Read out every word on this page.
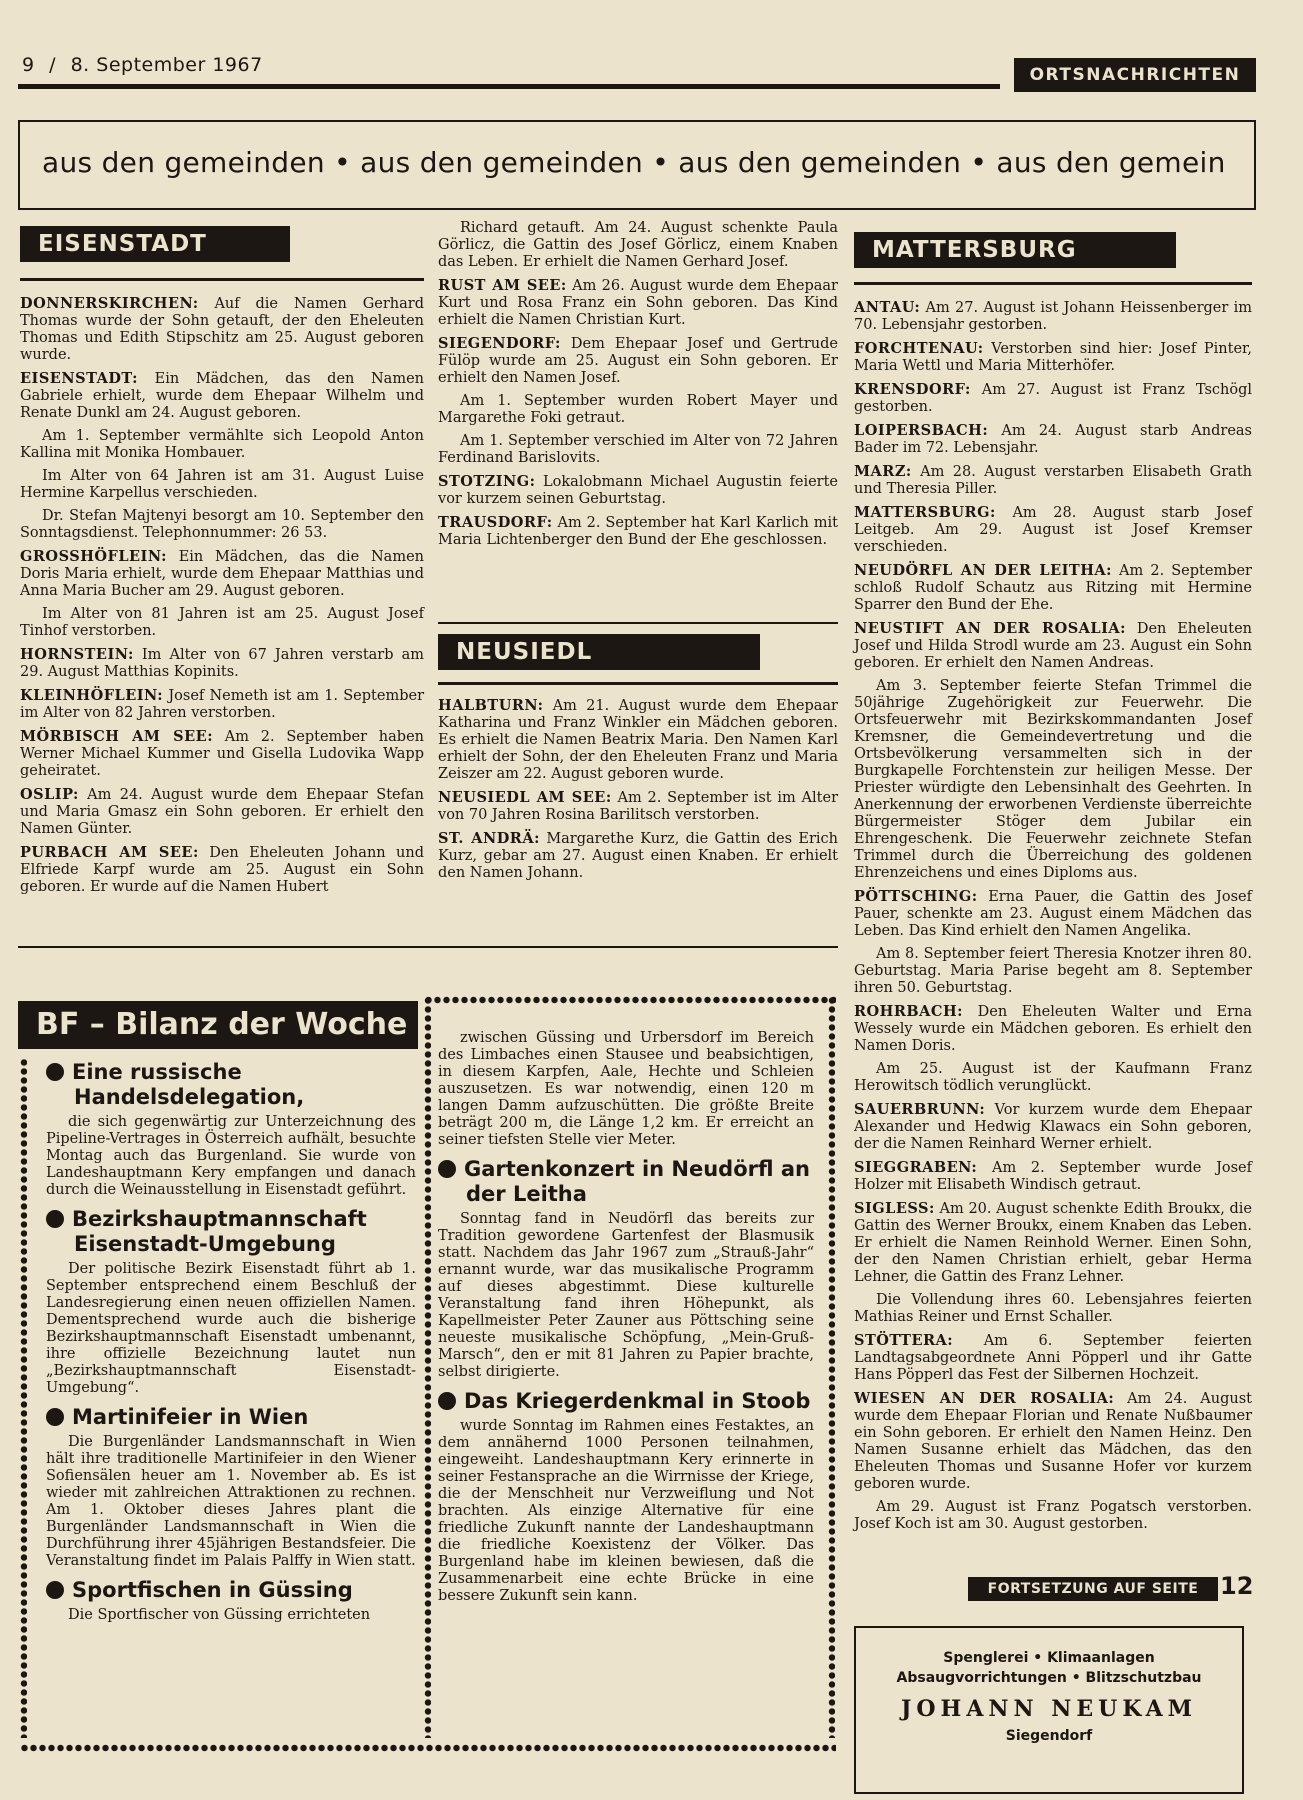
9 / 8. September 1967	ORTSNACHRICHTEN
aus den gemeinden • aus den gemeinden • aus den gemeinden • aus den gemein
EISENSTADT

DONNERSKIRCHEN: Auf die Namen Gerhard Thomas wurde der Sohn getauft, der den Eheleuten Thomas und Edith Stipschitz am 25. August geboren wurde.

EISENSTADT: Ein Mädchen, das den Namen Gabriele erhielt, wurde dem Ehepaar Wilhelm und Renate Dunkl am 24. August geboren.

Am 1. September vermählte sich Leopold Anton Kallina mit Monika Hombauer.

Im Alter von 64 Jahren ist am 31. August Luise Hermine Karpellus verschieden.

Dr. Stefan Majtenyi besorgt am 10. September den Sonntagsdienst. Telephonnummer: 26 53.

GROSSHÖFLEIN: Ein Mädchen, das die Namen Doris Maria erhielt, wurde dem Ehepaar Matthias und Anna Maria Bucher am 29. August geboren.

Im Alter von 81 Jahren ist am 25. August Josef Tinhof verstorben.

HORNSTEIN: Im Alter von 67 Jahren verstarb am 29. August Matthias Kopinits.

KLEINHÖFLEIN: Josef Nemeth ist am 1. September im Alter von 82 Jahren verstorben.

MÖRBISCH AM SEE: Am 2. September haben Werner Michael Kummer und Gisella Ludovika Wapp geheiratet.

OSLIP: Am 24. August wurde dem Ehepaar Stefan und Maria Gmasz ein Sohn geboren. Er erhielt den Namen Günter.

PURBACH AM SEE: Den Eheleuten Johann und Elfriede Karpf wurde am 25. August ein Sohn geboren. Er wurde auf die Namen Hubert

Richard getauft. Am 24. August schenkte Paula Görlicz, die Gattin des Josef Görlicz, einem Knaben das Leben. Er erhielt die Namen Gerhard Josef.

RUST AM SEE: Am 26. August wurde dem Ehepaar Kurt und Rosa Franz ein Sohn geboren. Das Kind erhielt die Namen Christian Kurt.

SIEGENDORF: Dem Ehepaar Josef und Gertrude Fülöp wurde am 25. August ein Sohn geboren. Er erhielt den Namen Josef.

Am 1. September wurden Robert Mayer und Margarethe Foki getraut.

Am 1. September verschied im Alter von 72 Jahren Ferdinand Barislovits.

STOTZING: Lokalobmann Michael Augustin feierte vor kurzem seinen Geburtstag.

TRAUSDORF: Am 2. September hat Karl Karlich mit Maria Lichtenberger den Bund der Ehe geschlossen.

NEUSIEDL

HALBTURN: Am 21. August wurde dem Ehepaar Katharina und Franz Winkler ein Mädchen geboren. Es erhielt die Namen Beatrix Maria. Den Namen Karl erhielt der Sohn, der den Eheleuten Franz und Maria Zeiszer am 22. August geboren wurde.

NEUSIEDL AM SEE: Am 2. September ist im Alter von 70 Jahren Rosina Barilitsch verstorben.

ST. ANDRÄ: Margarethe Kurz, die Gattin des Erich Kurz, gebar am 27. August einen Knaben. Er erhielt den Namen Johann.

MATTERSBURG

ANTAU: Am 27. August ist Johann Heissenberger im 70. Lebensjahr gestorben.

FORCHTENAU: Verstorben sind hier: Josef Pinter, Maria Wettl und Maria Mitterhöfer.

KRENSDORF: Am 27. August ist Franz Tschögl gestorben.

LOIPERSBACH: Am 24. August starb Andreas Bader im 72. Lebensjahr.

MARZ: Am 28. August verstarben Elisabeth Grath und Theresia Piller.

MATTERSBURG: Am 28. August starb Josef Leitgeb. Am 29. August ist Josef Kremser verschieden.

NEUDÖRFL AN DER LEITHA: Am 2. September schloß Rudolf Schautz aus Ritzing mit Hermine Sparrer den Bund der Ehe.

NEUSTIFT AN DER ROSALIA: Den Eheleuten Josef und Hilda Strodl wurde am 23. August ein Sohn geboren. Er erhielt den Namen Andreas.

Am 3. September feierte Stefan Trimmel die 50jährige Zugehörigkeit zur Feuerwehr. Die Ortsfeuerwehr mit Bezirkskommandanten Josef Kremsner, die Gemeindevertretung und die Ortsbevölkerung versammelten sich in der Burgkapelle Forchtenstein zur heiligen Messe. Der Priester würdigte den Lebensinhalt des Geehrten. In Anerkennung der erworbenen Verdienste überreichte Bürgermeister Stöger dem Jubilar ein Ehrengeschenk. Die Feuerwehr zeichnete Stefan Trimmel durch die Überreichung des goldenen Ehrenzeichens und eines Diploms aus.

PÖTTSCHING: Erna Pauer, die Gattin des Josef Pauer, schenkte am 23. August einem Mädchen das Leben. Das Kind erhielt den Namen Angelika.

Am 8. September feiert Theresia Knotzer ihren 80. Geburtstag. Maria Parise begeht am 8. September ihren 50. Geburtstag.

ROHRBACH: Den Eheleuten Walter und Erna Wessely wurde ein Mädchen geboren. Es erhielt den Namen Doris.

Am 25. August ist der Kaufmann Franz Herowitsch tödlich verunglückt.

SAUERBRUNN: Vor kurzem wurde dem Ehepaar Alexander und Hedwig Klawacs ein Sohn geboren, der die Namen Reinhard Werner erhielt.

SIEGGRABEN: Am 2. September wurde Josef Holzer mit Elisabeth Windisch getraut.

SIGLESS: Am 20. August schenkte Edith Broukx, die Gattin des Werner Broukx, einem Knaben das Leben. Er erhielt die Namen Reinhold Werner. Einen Sohn, der den Namen Christian erhielt, gebar Herma Lehner, die Gattin des Franz Lehner.

Die Vollendung ihres 60. Lebensjahres feierten Mathias Reiner und Ernst Schaller.

STÖTTERA: Am 6. September feierten Landtagsabgeordnete Anni Pöpperl und ihr Gatte Hans Pöpperl das Fest der Silbernen Hochzeit.

WIESEN AN DER ROSALIA: Am 24. August wurde dem Ehepaar Florian und Renate Nußbaumer ein Sohn geboren. Er erhielt den Namen Heinz. Den Namen Susanne erhielt das Mädchen, das den Eheleuten Thomas und Susanne Hofer vor kurzem geboren wurde.

Am 29. August ist Franz Pogatsch verstorben. Josef Koch ist am 30. August gestorben.

FORTSETZUNG AUF SEITE 12
Spenglerei • Klimaanlagen
Absaugvorrichtungen • Blitzschutzbau
JOHANN NEUKAM
Siegendorf
BF – Bilanz der Woche
Eine russische
Handelsdelegation,

die sich gegenwärtig zur Unterzeichnung des Pipeline-Vertrages in Österreich aufhält, besuchte Montag auch das Burgenland. Sie wurde von Landeshauptmann Kery empfangen und danach durch die Weinausstellung in Eisenstadt geführt.

Bezirkshauptmannschaft
Eisenstadt-Umgebung

Der politische Bezirk Eisenstadt führt ab 1. September entsprechend einem Beschluß der Landesregierung einen neuen offiziellen Namen. Dementsprechend wurde auch die bisherige Bezirkshauptmannschaft Eisenstadt umbenannt, ihre offizielle Bezeichnung lautet nun „Bezirkshauptmannschaft Eisenstadt-Umgebung“.

Martinifeier in Wien

Die Burgenländer Landsmannschaft in Wien hält ihre traditionelle Martinifeier in den Wiener Sofiensälen heuer am 1. November ab. Es ist wieder mit zahlreichen Attraktionen zu rechnen. Am 1. Oktober dieses Jahres plant die Burgenländer Landsmannschaft in Wien die Durchführung ihrer 45jährigen Bestandsfeier. Die Veranstaltung findet im Palais Palffy in Wien statt.

Sportfischen in Güssing

Die Sportfischer von Güssing errichteten

zwischen Güssing und Urbersdorf im Bereich des Limbaches einen Stausee und beabsichtigen, in diesem Karpfen, Aale, Hechte und Schleien auszusetzen. Es war notwendig, einen 120 m langen Damm aufzuschütten. Die größte Breite beträgt 200 m, die Länge 1,2 km. Er erreicht an seiner tiefsten Stelle vier Meter.

Gartenkonzert in Neudörfl an
der Leitha

Sonntag fand in Neudörfl das bereits zur Tradition gewordene Gartenfest der Blasmusik statt. Nachdem das Jahr 1967 zum „Strauß-Jahr“ ernannt wurde, war das musikalische Programm auf dieses abgestimmt. Diese kulturelle Veranstaltung fand ihren Höhepunkt, als Kapellmeister Peter Zauner aus Pöttsching seine neueste musikalische Schöpfung, „Mein-Gruß-Marsch“, den er mit 81 Jahren zu Papier brachte, selbst dirigierte.

Das Kriegerdenkmal in Stoob

wurde Sonntag im Rahmen eines Festaktes, an dem annähernd 1000 Personen teilnahmen, eingeweiht. Landeshauptmann Kery erinnerte in seiner Festansprache an die Wirrnisse der Kriege, die der Menschheit nur Verzweiflung und Not brachten. Als einzige Alternative für eine friedliche Zukunft nannte der Landeshauptmann die friedliche Koexistenz der Völker. Das Burgenland habe im kleinen bewiesen, daß die Zusammenarbeit eine echte Brücke in eine bessere Zukunft sein kann.
